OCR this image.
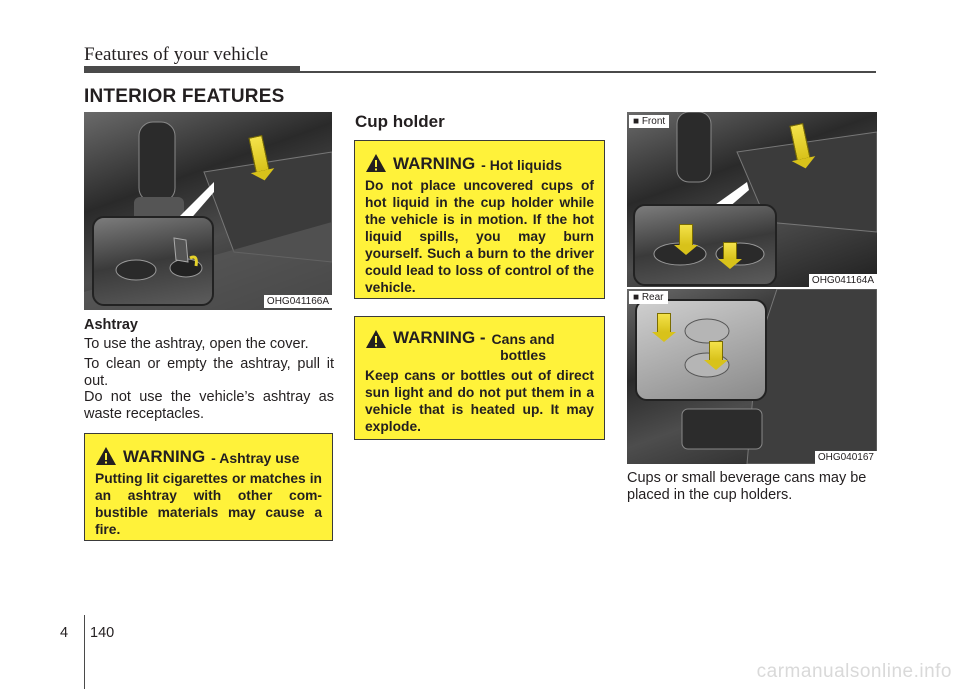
Features of your vehicle
INTERIOR FEATURES
OHG041166A
Ashtray
To use the ashtray, open the cover.
To clean or empty the ashtray, pull it out.
Do not use the vehicle’s ashtray as waste receptacles.
WARNING - Ashtray use
Putting lit cigarettes or matches in an ashtray with other com- bustible materials may cause a fire.
Cup holder
WARNING - Hot liquids
Do not place uncovered cups of hot liquid in the cup holder while the vehicle is in motion. If the hot liquid spills, you may burn yourself. Such a burn to the driver could lead to loss of control of the vehicle.
WARNING - Cans and
bottles
Keep cans or bottles out of direct sun light and do not put them in a vehicle that is heated up. It may explode.
■ Front
OHG041164A
■ Rear
OHG040167
Cups or small beverage cans may be placed in the cup holders.
4 140
carmanualsonline.info
